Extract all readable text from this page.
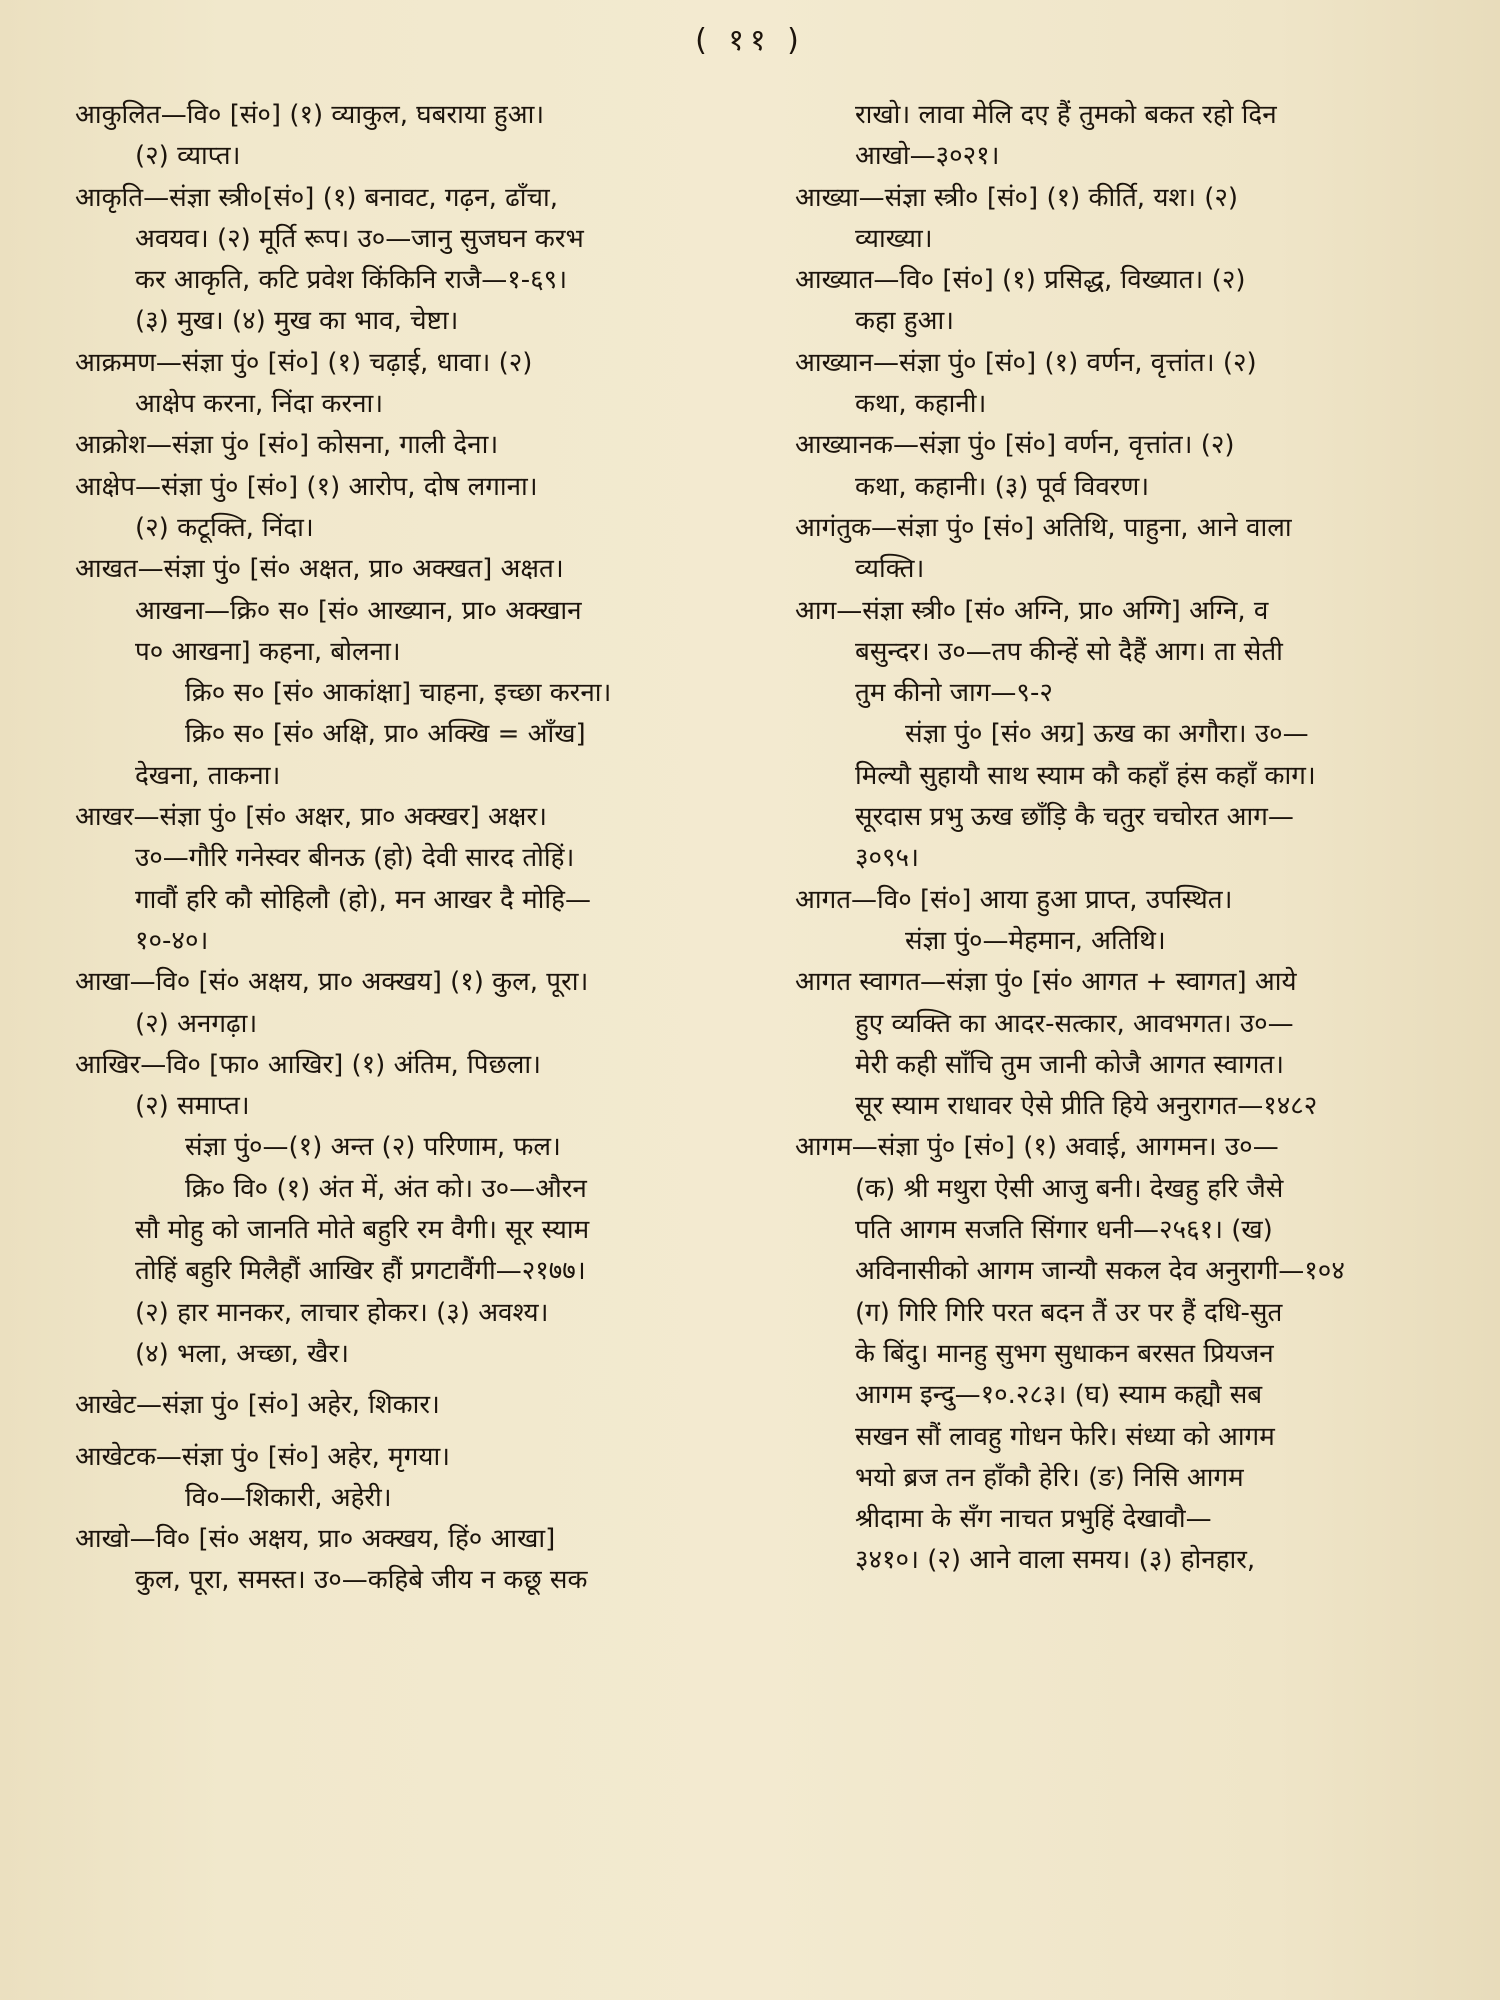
( ११ )
आकुलित—वि० [सं०] (१) व्याकुल, घबराया हुआ।
(२) व्याप्त।
आकृति—संज्ञा स्त्री०[सं०] (१) बनावट, गढ़न, ढाँचा,
अवयव। (२) मूर्ति रूप। उ०—जानु सुजघन करभ
कर आकृति, कटि प्रवेश किंकिनि राजै—१-६९।
(३) मुख। (४) मुख का भाव, चेष्टा।
आक्रमण—संज्ञा पुं० [सं०] (१) चढ़ाई, धावा। (२)
आक्षेप करना, निंदा करना।
आक्रोश—संज्ञा पुं० [सं०] कोसना, गाली देना।
आक्षेप—संज्ञा पुं० [सं०] (१) आरोप, दोष लगाना।
(२) कटूक्ति, निंदा।
आखत—संज्ञा पुं० [सं० अक्षत, प्रा० अक्खत] अक्षत।
आखना—क्रि० स० [सं० आख्यान, प्रा० अक्खान
प० आखना] कहना, बोलना।
क्रि० स० [सं० आकांक्षा] चाहना, इच्छा करना।
क्रि० स० [सं० अक्षि, प्रा० अक्खि = आँख]
देखना, ताकना।
आखर—संज्ञा पुं० [सं० अक्षर, प्रा० अक्खर] अक्षर।
उ०—गौरि गनेस्वर बीनऊ (हो) देवी सारद तोहिं।
गावौं हरि कौ सोहिलौ (हो), मन आखर दै मोहि—
१०-४०।
आखा—वि० [सं० अक्षय, प्रा० अक्खय] (१) कुल, पूरा।
(२) अनगढ़ा।
आखिर—वि० [फा० आखिर] (१) अंतिम, पिछला।
(२) समाप्त।
संज्ञा पुं०—(१) अन्त (२) परिणाम, फल।
क्रि० वि० (१) अंत में, अंत को। उ०—औरन
सौ मोहु को जानति मोते बहुरि रम वैगी। सूर स्याम
तोहिं बहुरि मिलैहौं आखिर हौं प्रगटावैंगी—२१७७।
(२) हार मानकर, लाचार होकर। (३) अवश्य।
(४) भला, अच्छा, खैर।
आखेट—संज्ञा पुं० [सं०] अहेर, शिकार।
आखेटक—संज्ञा पुं० [सं०] अहेर, मृगया।
वि०—शिकारी, अहेरी।
आखो—वि० [सं० अक्षय, प्रा० अक्खय, हिं० आखा]
कुल, पूरा, समस्त। उ०—कहिबे जीय न कछू सक
राखो। लावा मेलि दए हैं तुमको बकत रहो दिन
आखो—३०२१।
आख्या—संज्ञा स्त्री० [सं०] (१) कीर्ति, यश। (२)
व्याख्या।
आख्यात—वि० [सं०] (१) प्रसिद्ध, विख्यात। (२)
कहा हुआ।
आख्यान—संज्ञा पुं० [सं०] (१) वर्णन, वृत्तांत। (२)
कथा, कहानी।
आख्यानक—संज्ञा पुं० [सं०] वर्णन, वृत्तांत। (२)
कथा, कहानी। (३) पूर्व विवरण।
आगंतुक—संज्ञा पुं० [सं०] अतिथि, पाहुना, आने वाला
व्यक्ति।
आग—संज्ञा स्त्री० [सं० अग्नि, प्रा० अग्गि] अग्नि, व
बसुन्दर। उ०—तप कीन्हें सो दैहैं आग। ता सेती
तुम कीनो जाग—९-२
संज्ञा पुं० [सं० अग्र] ऊख का अगौरा। उ०—
मिल्यौ सुहायौ साथ स्याम कौ कहाँ हंस कहाँ काग।
सूरदास प्रभु ऊख छाँड़ि कै चतुर चचोरत आग—
३०९५।
आगत—वि० [सं०] आया हुआ प्राप्त, उपस्थित।
संज्ञा पुं०—मेहमान, अतिथि।
आगत स्वागत—संज्ञा पुं० [सं० आगत + स्वागत] आये
हुए व्यक्ति का आदर-सत्कार, आवभगत। उ०—
मेरी कही साँचि तुम जानी कोजै आगत स्वागत।
सूर स्याम राधावर ऐसे प्रीति हिये अनुरागत—१४८२
आगम—संज्ञा पुं० [सं०] (१) अवाई, आगमन। उ०—
(क) श्री मथुरा ऐसी आजु बनी। देखहु हरि जैसे
पति आगम सजति सिंगार धनी—२५६१। (ख)
अविनासीको आगम जान्यौ सकल देव अनुरागी—१०४
(ग) गिरि गिरि परत बदन तैं उर पर हैं दधि-सुत
के बिंदु। मानहु सुभग सुधाकन बरसत प्रियजन
आगम इन्दु—१०.२८३। (घ) स्याम कह्यौ सब
सखन सौं लावहु गोधन फेरि। संध्या को आगम
भयो ब्रज तन हाँकौ हेरि। (ङ) निसि आगम
श्रीदामा के सँग नाचत प्रभुहिं देखावौ—
३४१०। (२) आने वाला समय। (३) होनहार,
